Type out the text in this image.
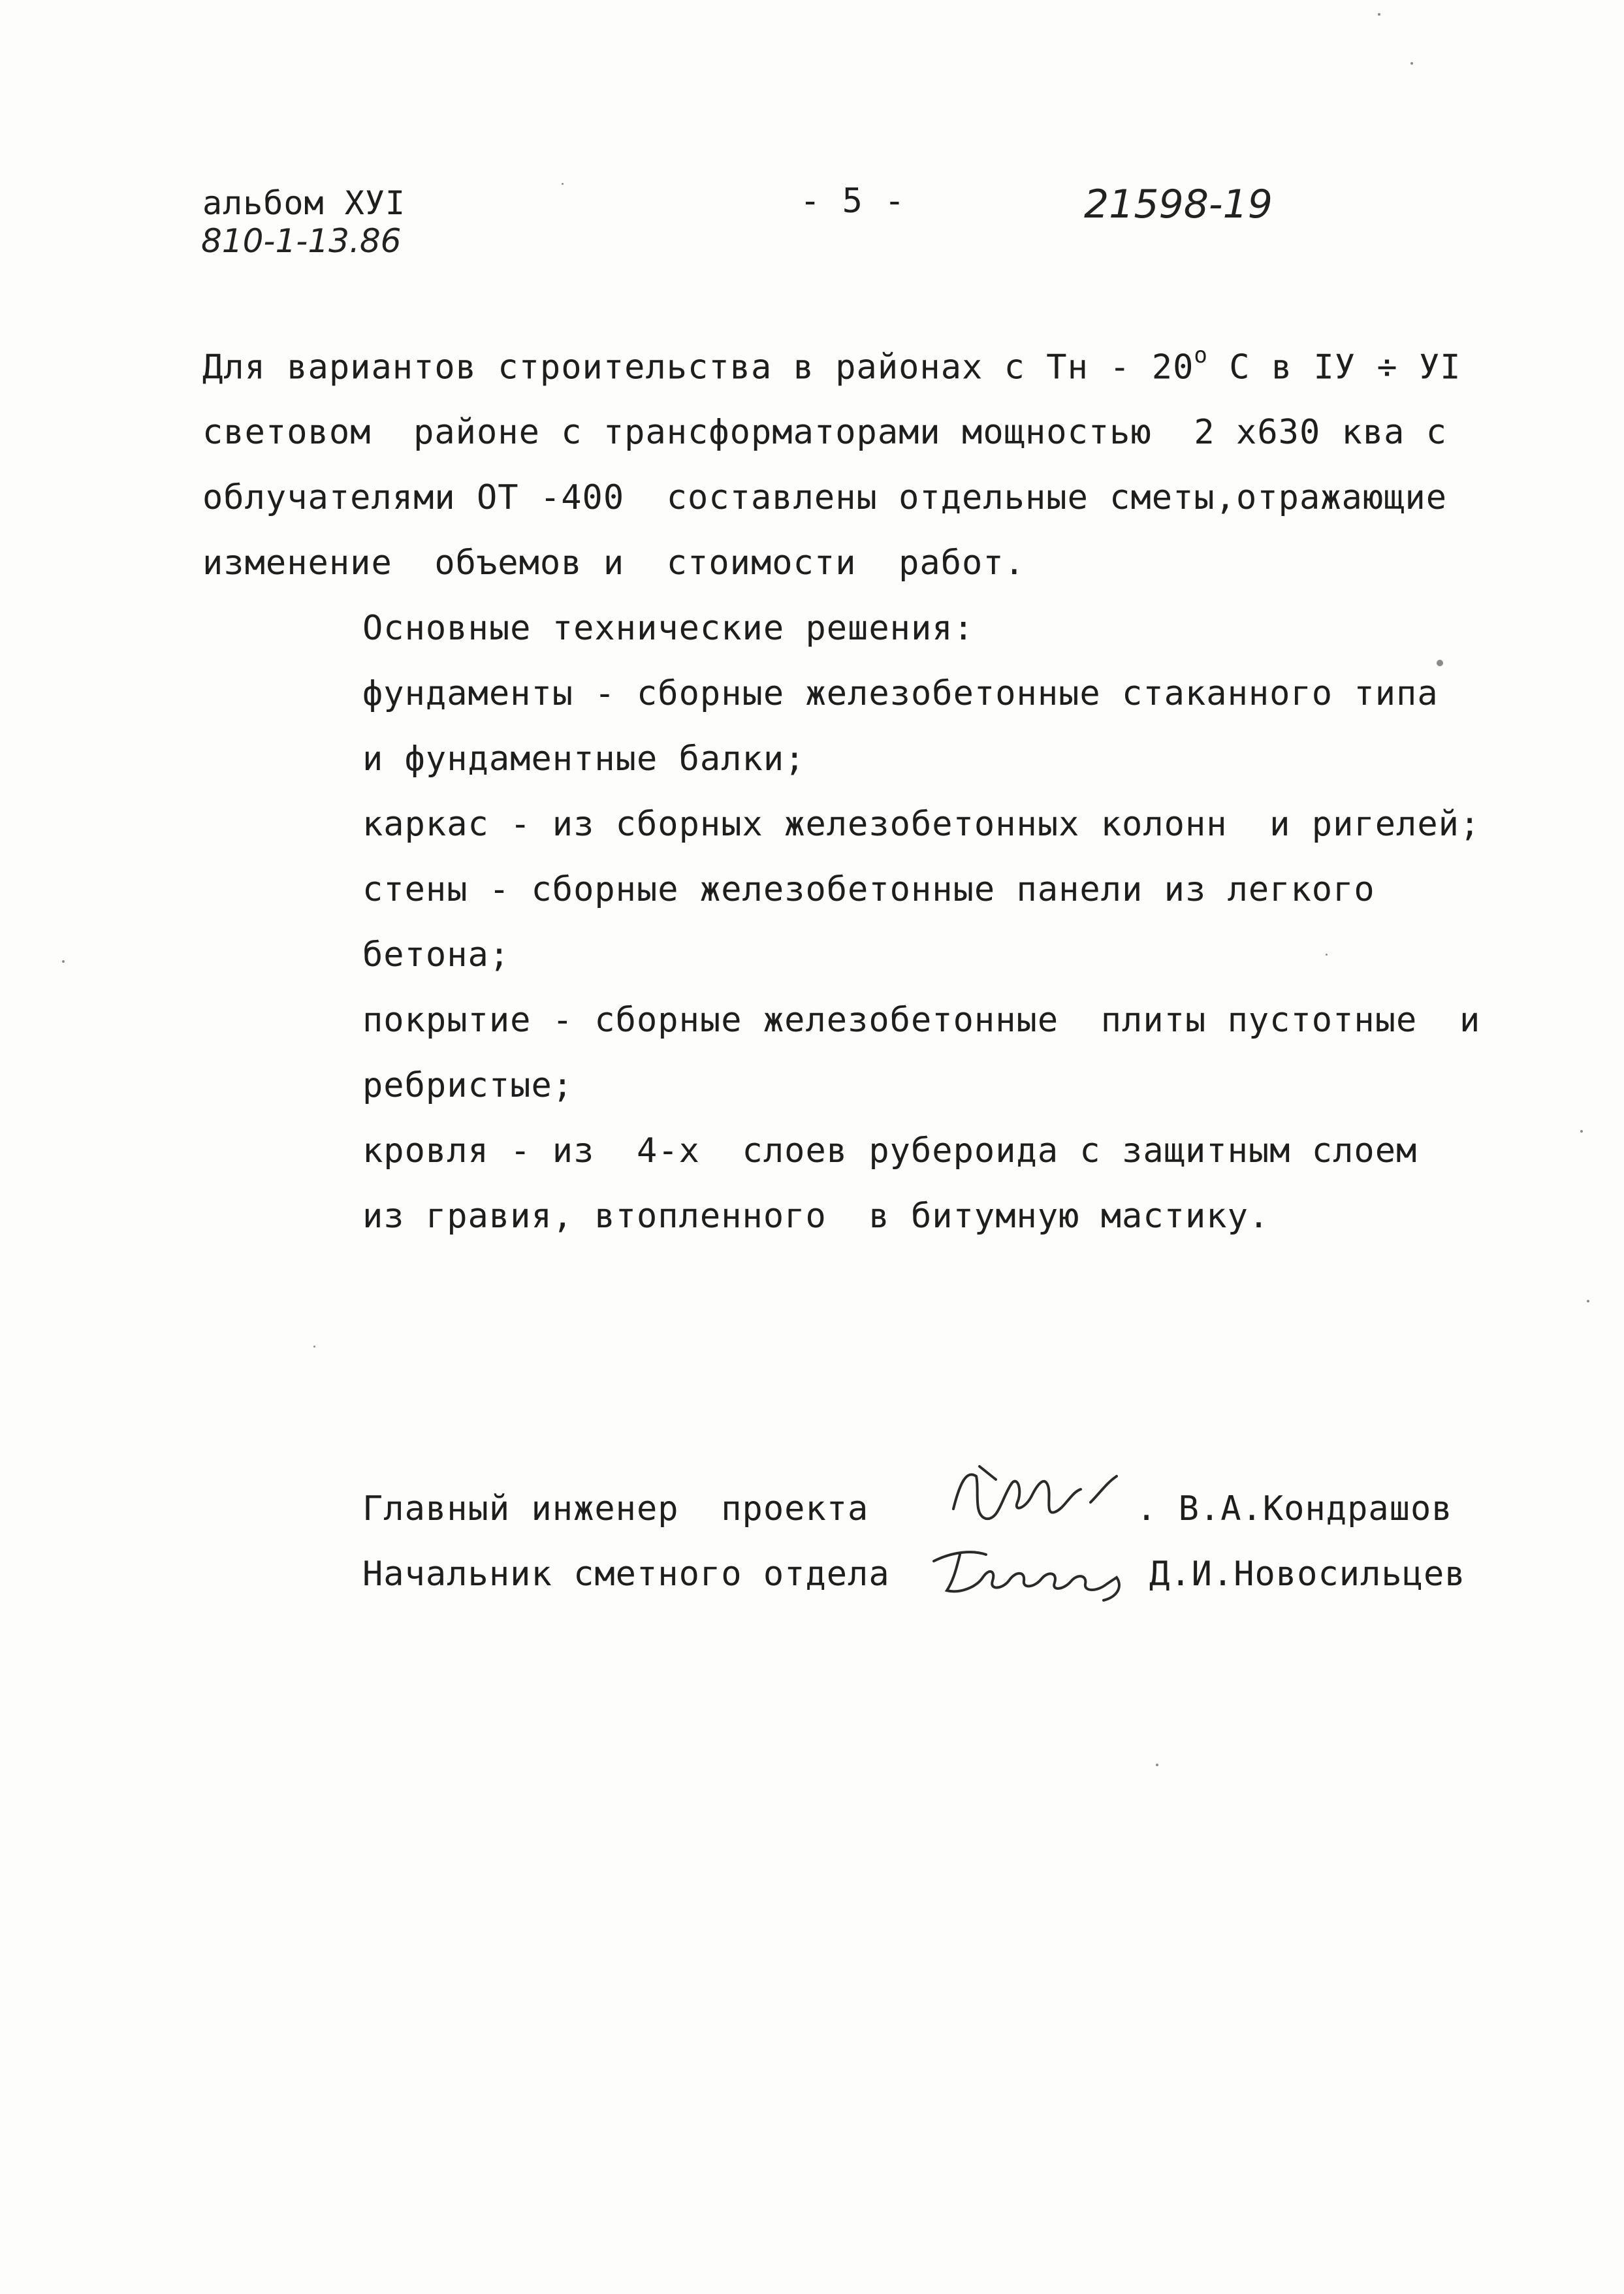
альбом XУI
810-1-13.86
- 5 -	21598-19
Для вариантов строительства в районах с Тн - $20^о$ С в IУ ÷ УI
световом  районе с трансформаторами мощностью  2 х630 ква с
облучателями ОТ -400  составлены отдельные сметы,отражающие
изменение  объемов и  стоимости  работ.
Основные технические решения:
фундаменты - сборные железобетонные стаканного типа
и фундаментные балки;
каркас - из сборных железобетонных колонн  и ригелей;
стены - сборные железобетонные панели из легкого
бетона;
покрытие - сборные железобетонные  плиты пустотные  и
ребристые;
кровля - из  4-х  слоев рубероида с защитным слоем
из гравия, втопленного  в битумную мастику.
Главный инженер  проекта	. В.А.Кондрашов
Начальник сметного отдела	Д.И.Новосильцев
